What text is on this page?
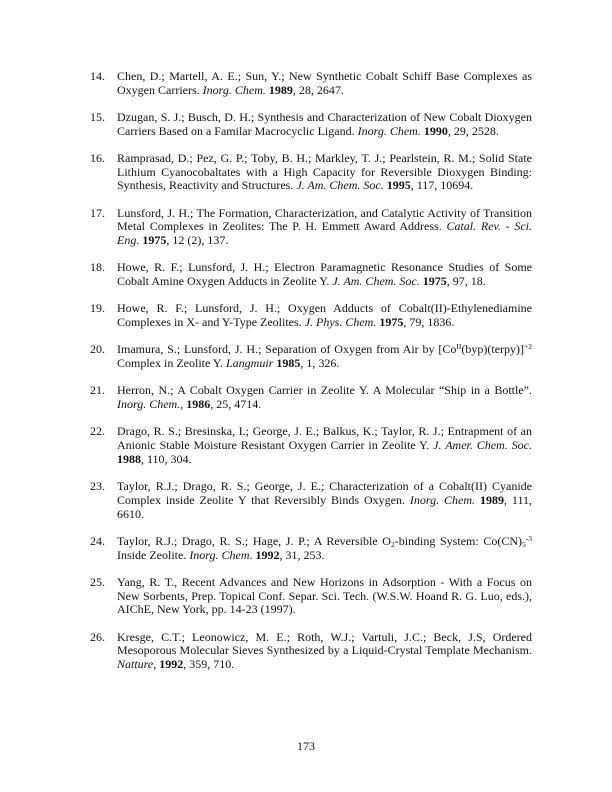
14.	Chen, D.; Martell, A. E.; Sun, Y.; New Synthetic Cobalt Schiff Base Complexes as Oxygen Carriers. Inorg. Chem. 1989, 28, 2647.
15.	Dzugan, S. J.; Busch, D. H.; Synthesis and Characterization of New Cobalt Dioxygen Carriers Based on a Familar Macrocyclic Ligand. Inorg. Chem. 1990, 29, 2528.
16.	Ramprasad, D.; Pez, G. P.; Toby, B. H.; Markley, T. J.; Pearlstein, R. M.; Solid State Lithium Cyanocobaltates with a High Capacity for Reversible Dioxygen Binding: Synthesis, Reactivity and Structures. J. Am. Chem. Soc. 1995, 117, 10694.
17.	Lunsford, J. H.; The Formation, Characterization, and Catalytic Activity of Transition Metal Complexes in Zeolites: The P. H. Emmett Award Address. Catal. Rev. - Sci. Eng. 1975, 12 (2), 137.
18.	Howe, R. F.; Lunsford, J. H.; Electron Paramagnetic Resonance Studies of Some Cobalt Amine Oxygen Adducts in Zeolite Y. J. Am. Chem. Soc. 1975, 97, 18.
19.	Howe, R. F.; Lunsford, J. H.; Oxygen Adducts of Cobalt(II)-Ethylenediamine Complexes in X- and Y-Type Zeolites. J. Phys. Chem. 1975, 79, 1836.
20.	Imamura, S.; Lunsford, J. H.; Separation of Oxygen from Air by $[Co^{II}(byp)(terpy)]^{+2}$ Complex in Zeolite Y. Langmuir 1985, 1, 326.
21.	Herron, N.; A Cobalt Oxygen Carrier in Zeolite Y. A Molecular “Ship in a Bottle”. Inorg. Chem., 1986, 25, 4714.
22.	Drago, R. S.; Bresinska, I.; George, J. E.; Balkus, K.; Taylor, R. J.; Entrapment of an Anionic Stable Moisture Resistant Oxygen Carrier in Zeolite Y. J. Amer. Chem. Soc. 1988, 110, 304.
23.	Taylor, R.J.; Drago, R. S.; George, J. E.; Characterization of a Cobalt(II) Cyanide Complex inside Zeolite Y that Reversibly Binds Oxygen. Inorg. Chem. 1989, 111, 6610.
24.	Taylor, R.J.; Drago, R. S.; Hage, J. P.; A Reversible $O_2$-binding System: $Co(CN)_5^{-3}$ Inside Zeolite. Inorg. Chem. 1992, 31, 253.
25.	Yang, R. T., Recent Advances and New Horizons in Adsorption - With a Focus on New Sorbents, Prep. Topical Conf. Separ. Sci. Tech. (W.S.W. Hoand R. G. Luo, eds.), AIChE, New York, pp. 14-23 (1997).
26.	Kresge, C.T.; Leonowicz, M. E.; Roth, W.J.; Vartuli, J.C.; Beck, J.S, Ordered Mesoporous Molecular Sieves Synthesized by a Liquid-Crystal Template Mechanism. Natture, 1992, 359, 710.
173
